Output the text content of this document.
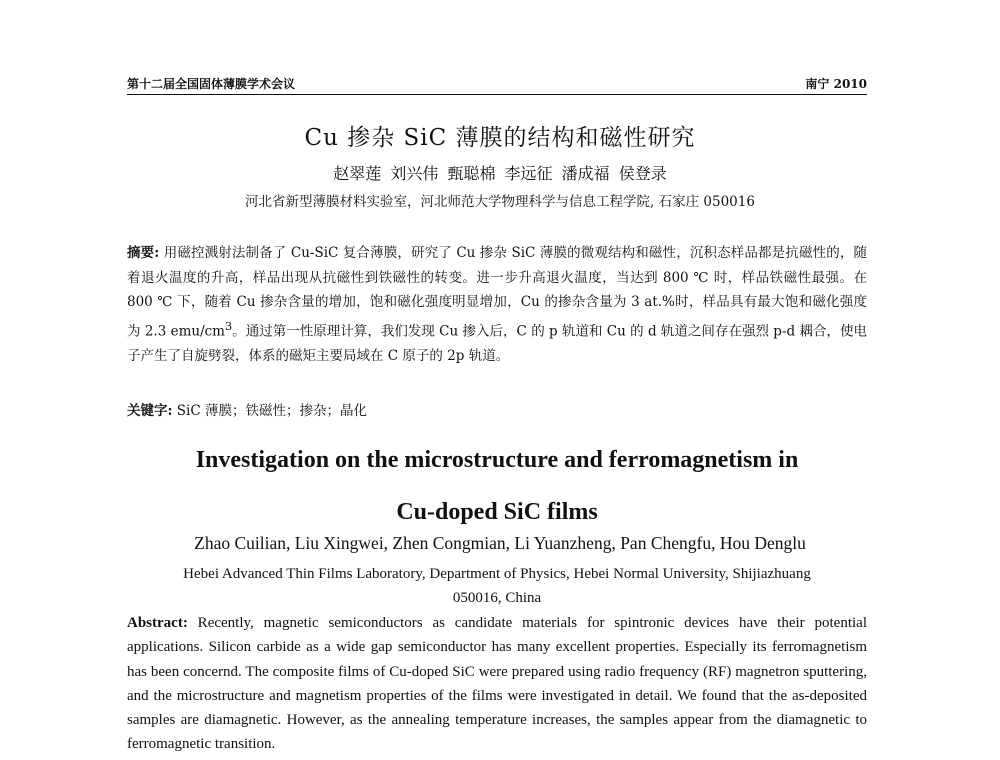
第十二届全国固体薄膜学术会议	南宁 2010
Cu 掺杂 SiC 薄膜的结构和磁性研究
赵翠莲 刘兴伟 甄聪棉 李远征 潘成福 侯登录
河北省新型薄膜材料实验室，河北师范大学物理科学与信息工程学院, 石家庄 050016
摘要: 用磁控溅射法制备了 Cu-SiC 复合薄膜，研究了 Cu 掺杂 SiC 薄膜的微观结构和磁性，沉积态样品都是抗磁性的，随着退火温度的升高，样品出现从抗磁性到铁磁性的转变。进一步升高退火温度，当达到 800 ℃ 时，样品铁磁性最强。在 800 ℃ 下，随着 Cu 掺杂含量的增加，饱和磁化强度明显增加，Cu 的掺杂含量为 3 at.%时，样品具有最大饱和磁化强度为 2.3 emu/$cm^3$。通过第一性原理计算，我们发现 Cu 掺入后，C 的 p 轨道和 Cu 的 d 轨道之间存在强烈 p-d 耦合，使电子产生了自旋劈裂，体系的磁矩主要局域在 C 原子的 2p 轨道。
关键字: SiC 薄膜；铁磁性；掺杂；晶化
Investigation on the microstructure and ferromagnetism in
Cu-doped SiC films
Zhao Cuilian, Liu Xingwei, Zhen Congmian, Li Yuanzheng, Pan Chengfu, Hou Denglu
Hebei Advanced Thin Films Laboratory, Department of Physics, Hebei Normal University, Shijiazhuang
050016, China
Abstract: Recently, magnetic semiconductors as candidate materials for spintronic devices have their potential applications. Silicon carbide as a wide gap semiconductor has many excellent properties. Especially its ferromagnetism has been concernd. The composite films of Cu-doped SiC were prepared using radio frequency (RF) magnetron sputtering, and the microstructure and magnetism properties of the films were investigated in detail. We found that the as-deposited samples are diamagnetic. However, as the annealing temperature increases, the samples appear from the diamagnetic to ferromagnetic transition.
